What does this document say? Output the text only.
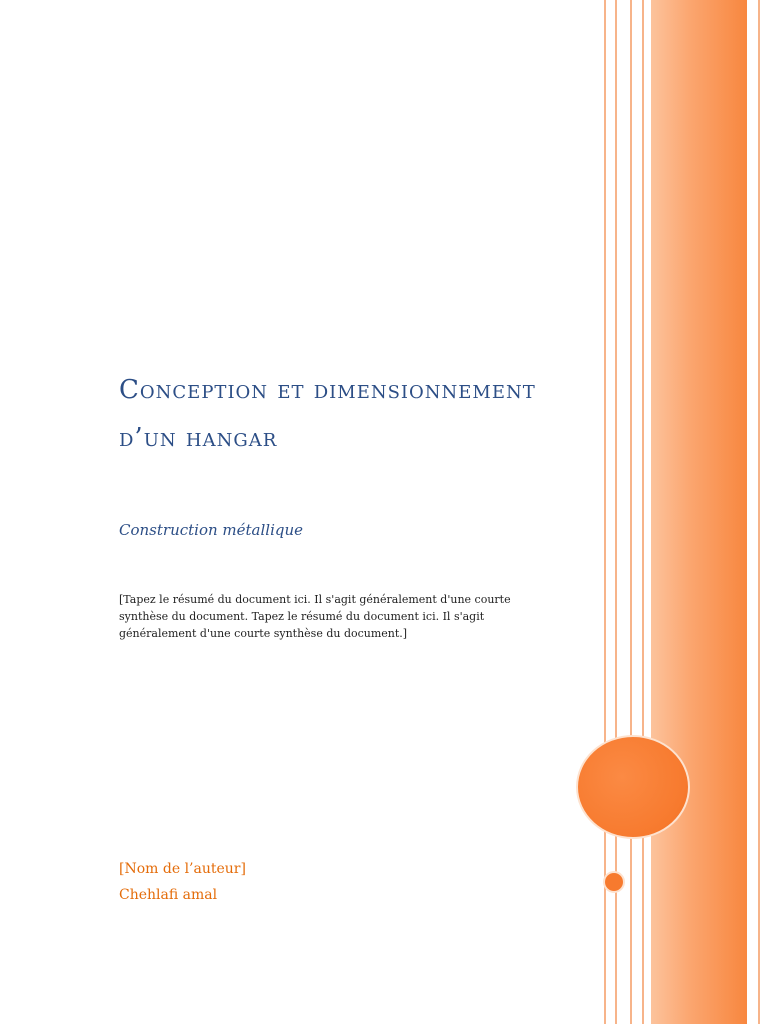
Conception et dimensionnement d’un hangar

Construction métallique

[Tapez le résumé du document ici. Il s'agit généralement d'une courte synthèse du document. Tapez le résumé du document ici. Il s'agit généralement d'une courte synthèse du document.]

[Nom de l’auteur]

Chehlafi amal
